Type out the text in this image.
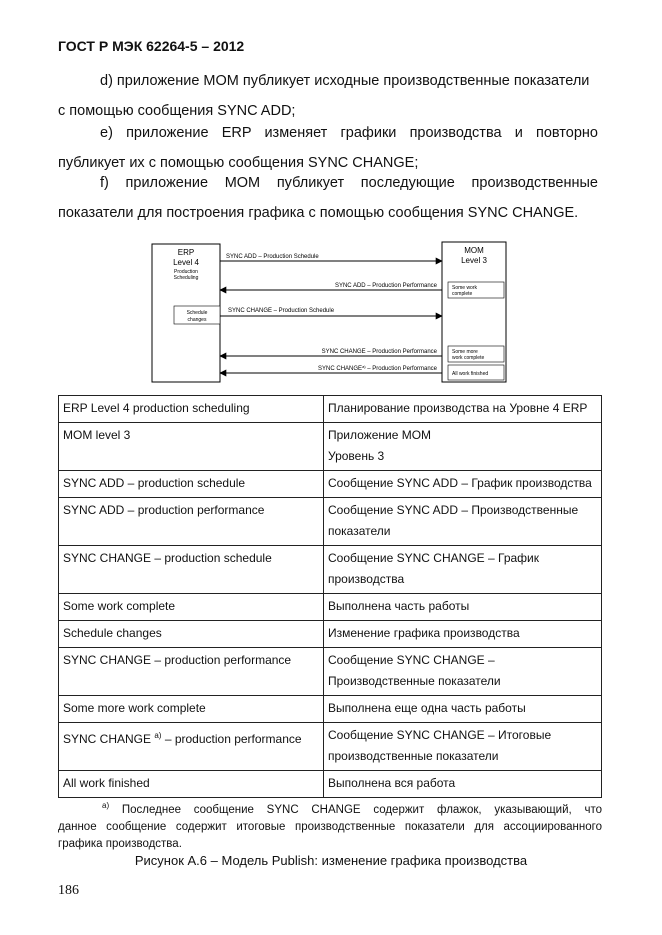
ГОСТ Р МЭК 62264-5 – 2012
d) приложение MOM публикует исходные производственные показатели
с помощью сообщения SYNC ADD;
e) приложение ERP изменяет графики производства и повторно
публикует их с помощью сообщения SYNC CHANGE;
f) приложение MOM публикует последующие производственные
показатели для построения графика с помощью сообщения SYNC CHANGE.
ERP
Level 4
Production
Scheduling
Schedule
changes
MOM
Level 3
Some work
complete
Some more
work complete
All work finished
SYNC ADD – Production Schedule
SYNC ADD – Production Performance
SYNC CHANGE – Production Schedule
SYNC CHANGE – Production Performance
SYNC CHANGE$^{a)}$ – Production Performance
ERP Level 4 production scheduling	Планирование производства на Уровне 4 ERP
MOM level 3	Приложение MOM
Уровень 3
SYNC ADD – production schedule	Сообщение SYNC ADD – График производства
SYNC ADD – production performance	Сообщение SYNC ADD – Производственные показатели
SYNC CHANGE – production schedule	Сообщение SYNC CHANGE – График производства
Some work complete	Выполнена часть работы
Schedule changes	Изменение графика производства
SYNC CHANGE – production performance	Сообщение SYNC CHANGE – Производственные показатели
Some more work complete	Выполнена еще одна часть работы
SYNC CHANGE $^{a)}$ – production performance	Сообщение SYNC CHANGE – Итоговые производственные показатели
All work finished	Выполнена вся работа
$^{a)}$ Последнее сообщение SYNC CHANGE содержит флажок, указывающий, что
данное сообщение содержит итоговые производственные показатели для ассоциированного
графика производства.
Рисунок А.6 – Модель Publish: изменение графика производства
186
